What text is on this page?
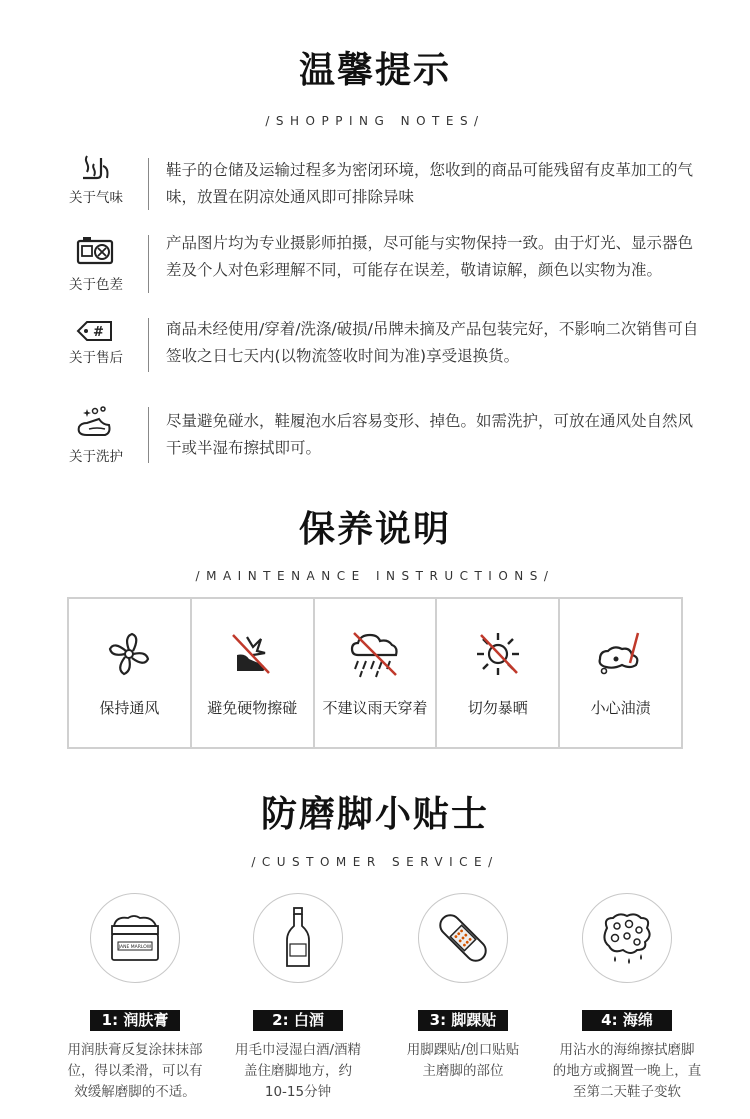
温馨提示
/SHOPPING NOTES/
关于气味
鞋子的仓储及运输过程多为密闭环境，您收到的商品可能残留有皮革加工的气味，放置在阴凉处通风即可排除异味
关于色差
产品图片均为专业摄影师拍摄，尽可能与实物保持一致。由于灯光、显示器色差及个人对色彩理解不同，可能存在误差，敬请谅解，颜色以实物为准。
#
关于售后
商品未经使用/穿着/洗涤/破损/吊牌未摘及产品包装完好，不影响二次销售可自签收之日七天内(以物流签收时间为准)享受退换货。
关于洗护
尽量避免碰水，鞋履泡水后容易变形、掉色。如需洗护，可放在通风处自然风干或半湿布擦拭即可。
保养说明
/MAINTENANCE INSTRUCTIONS/
保持通风	避免硬物擦碰	不建议雨天穿着	切勿暴晒	小心油渍
防磨脚小贴士
/CUSTOMER SERVICE/
JANE MARLOW
1: 润肤膏
用润肤膏反复涂抹抹部
位，得以柔滑，可以有
效缓解磨脚的不适。
2: 白酒
用毛巾浸湿白酒/酒精
盖住磨脚地方，约
10-15分钟
3: 脚踝贴
用脚踝贴/创口贴贴
主磨脚的部位
4: 海绵
用沾水的海绵擦拭磨脚
的地方或搁置一晚上，直
至第二天鞋子变软
